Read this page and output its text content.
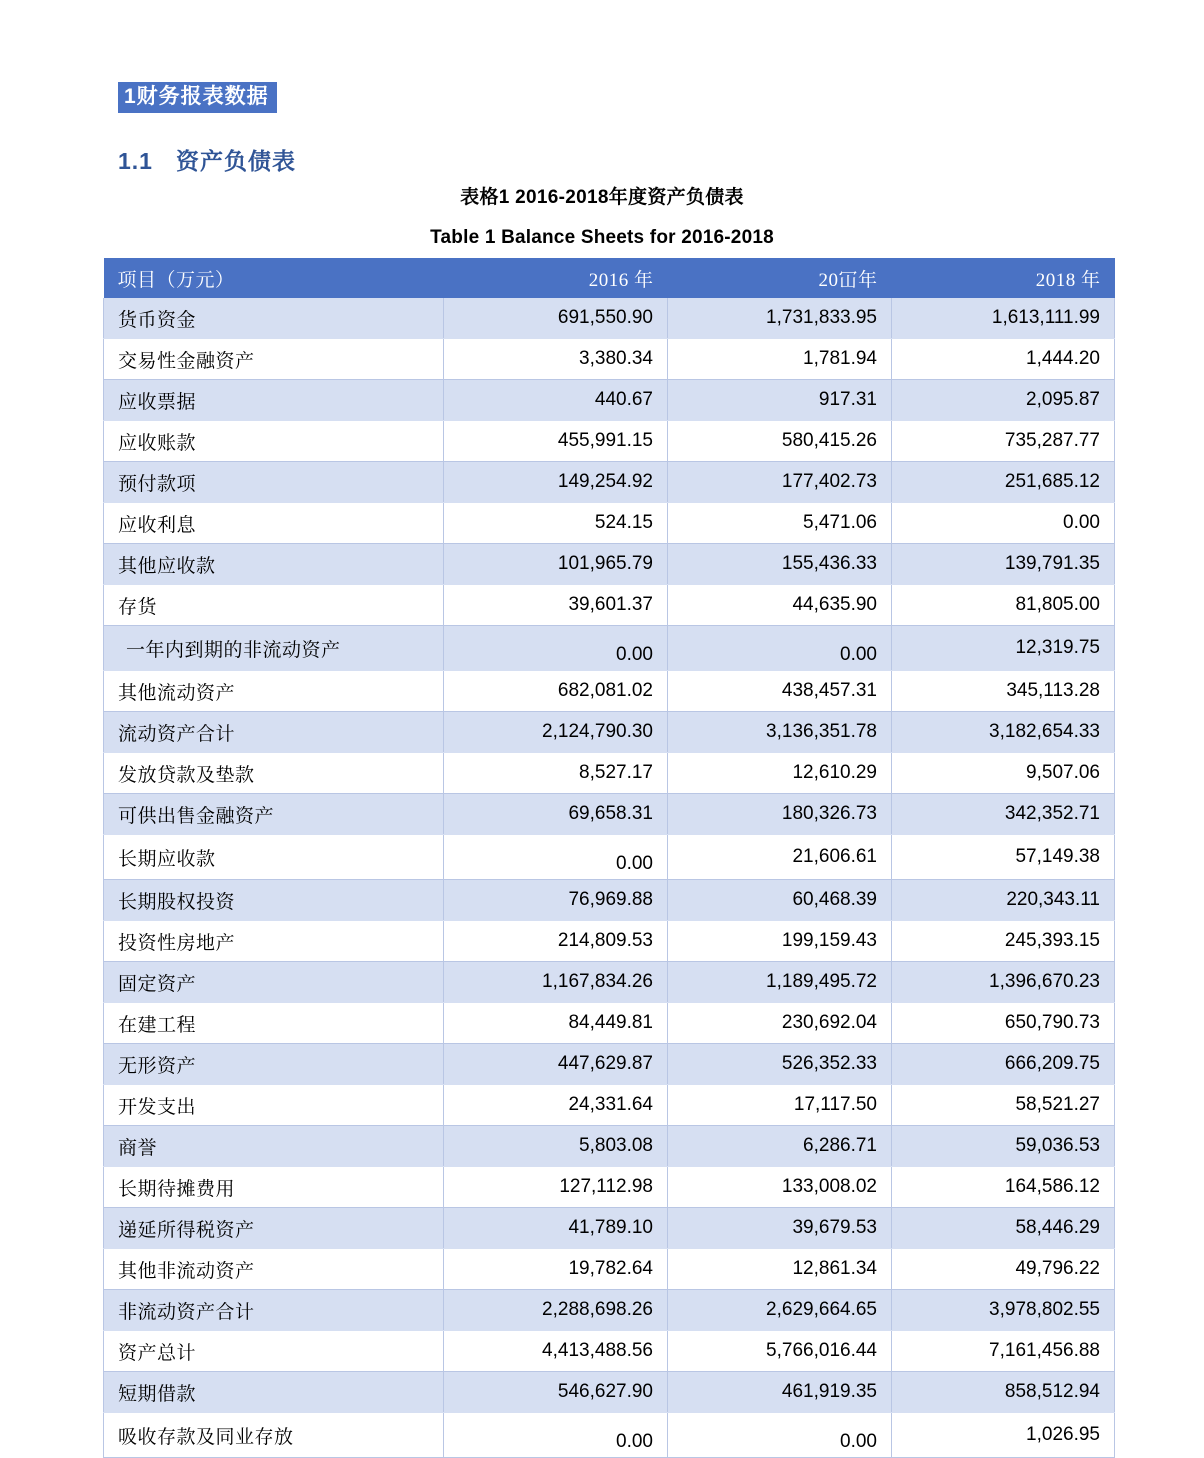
1财务报表数据
1.1 资产负债表
表格1 2016-2018年度资产负债表
Table 1 Balance Sheets for 2016-2018
项目（万元）	2016 年	20冚年	2018 年
货币资金	691,550.90	1,731,833.95	1,613,111.99
交易性金融资产	3,380.34	1,781.94	1,444.20
应收票据	440.67	917.31	2,095.87
应收账款	455,991.15	580,415.26	735,287.77
预付款项	149,254.92	177,402.73	251,685.12
应收利息	524.15	5,471.06	0.00
其他应收款	101,965.79	155,436.33	139,791.35
存货	39,601.37	44,635.90	81,805.00
一年内到期的非流动资产	0.00	0.00	12,319.75
其他流动资产	682,081.02	438,457.31	345,113.28
流动资产合计	2,124,790.30	3,136,351.78	3,182,654.33
发放贷款及垫款	8,527.17	12,610.29	9,507.06
可供出售金融资产	69,658.31	180,326.73	342,352.71
长期应收款	0.00	21,606.61	57,149.38
长期股权投资	76,969.88	60,468.39	220,343.11
投资性房地产	214,809.53	199,159.43	245,393.15
固定资产	1,167,834.26	1,189,495.72	1,396,670.23
在建工程	84,449.81	230,692.04	650,790.73
无形资产	447,629.87	526,352.33	666,209.75
开发支出	24,331.64	17,117.50	58,521.27
商誉	5,803.08	6,286.71	59,036.53
长期待摊费用	127,112.98	133,008.02	164,586.12
递延所得税资产	41,789.10	39,679.53	58,446.29
其他非流动资产	19,782.64	12,861.34	49,796.22
非流动资产合计	2,288,698.26	2,629,664.65	3,978,802.55
资产总计	4,413,488.56	5,766,016.44	7,161,456.88
短期借款	546,627.90	461,919.35	858,512.94
吸收存款及同业存放	0.00	0.00	1,026.95
